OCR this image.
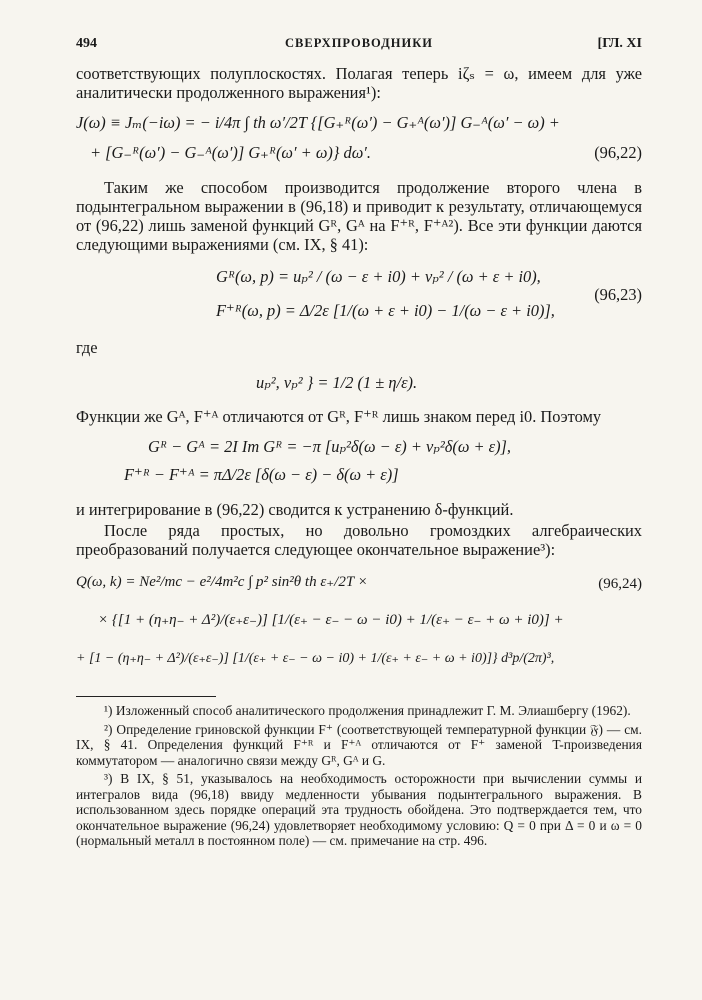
494	СВЕРХПРОВОДНИКИ	[ГЛ. XI

соответствующих полуплоскостях. Полагая теперь iζₛ = ω, имеем для уже аналитически продолженного выражения¹):

J(ω) ≡ Jₘ(−iω) = − i/4π ∫ th ω′/2T {[G₊ᴿ(ω′) − G₊ᴬ(ω′)] G₋ᴬ(ω′ − ω) +
+ [G₋ᴿ(ω′) − G₋ᴬ(ω′)] G₊ᴿ(ω′ + ω)} dω′.	(96,22)

Таким же способом производится продолжение второго члена в подынтегральном выражении в (96,18) и приводит к результату, отличающемуся от (96,22) лишь заменой функций Gᴿ, Gᴬ на F⁺ᴿ, F⁺ᴬ²). Все эти функции даются следующими выражениями (см. IX, § 41):

Gᴿ(ω, p) = uₚ² / (ω − ε + i0) + vₚ² / (ω + ε + i0),
F⁺ᴿ(ω, p) = Δ/2ε [1/(ω + ε + i0) − 1/(ω − ε + i0)],
(96,23)

где

uₚ², vₚ² } = 1/2 (1 ± η/ε).

Функции же Gᴬ, F⁺ᴬ отличаются от Gᴿ, F⁺ᴿ лишь знаком перед i0. Поэтому

Gᴿ − Gᴬ = 2I Im Gᴿ = −π [uₚ²δ(ω − ε) + vₚ²δ(ω + ε)],
F⁺ᴿ − F⁺ᴬ = πΔ/2ε [δ(ω − ε) − δ(ω + ε)]

и интегрирование в (96,22) сводится к устранению δ-функций.

После ряда простых, но довольно громоздких алгебраических преобразований получается следующее окончательное выражение³):

Q(ω, k) = Ne²/mc − e²/4m²c ∫ p² sin²θ th ε₊/2T ×
× {[1 + (η₊η₋ + Δ²)/(ε₊ε₋)] [1/(ε₊ − ε₋ − ω − i0) + 1/(ε₊ − ε₋ + ω + i0)] +
+ [1 − (η₊η₋ + Δ²)/(ε₊ε₋)] [1/(ε₊ + ε₋ − ω − i0) + 1/(ε₊ + ε₋ + ω + i0)]} d³p/(2π)³,
(96,24)

¹) Изложенный способ аналитического продолжения принадлежит Г. М. Элиашбергу (1962).

²) Определение гриновской функции F⁺ (соответствующей температурной функции 𝔉) — см. IX, § 41. Определения функций F⁺ᴿ и F⁺ᴬ отличаются от F⁺ заменой T-произведения коммутатором — аналогично связи между Gᴿ, Gᴬ и G.

³) В IX, § 51, указывалось на необходимость осторожности при вычислении суммы и интегралов вида (96,18) ввиду медленности убывания подынтегрального выражения. В использованном здесь порядке операций эта трудность обойдена. Это подтверждается тем, что окончательное выражение (96,24) удовлетворяет необходимому условию: Q = 0 при Δ = 0 и ω = 0 (нормальный металл в постоянном поле) — см. примечание на стр. 496.
